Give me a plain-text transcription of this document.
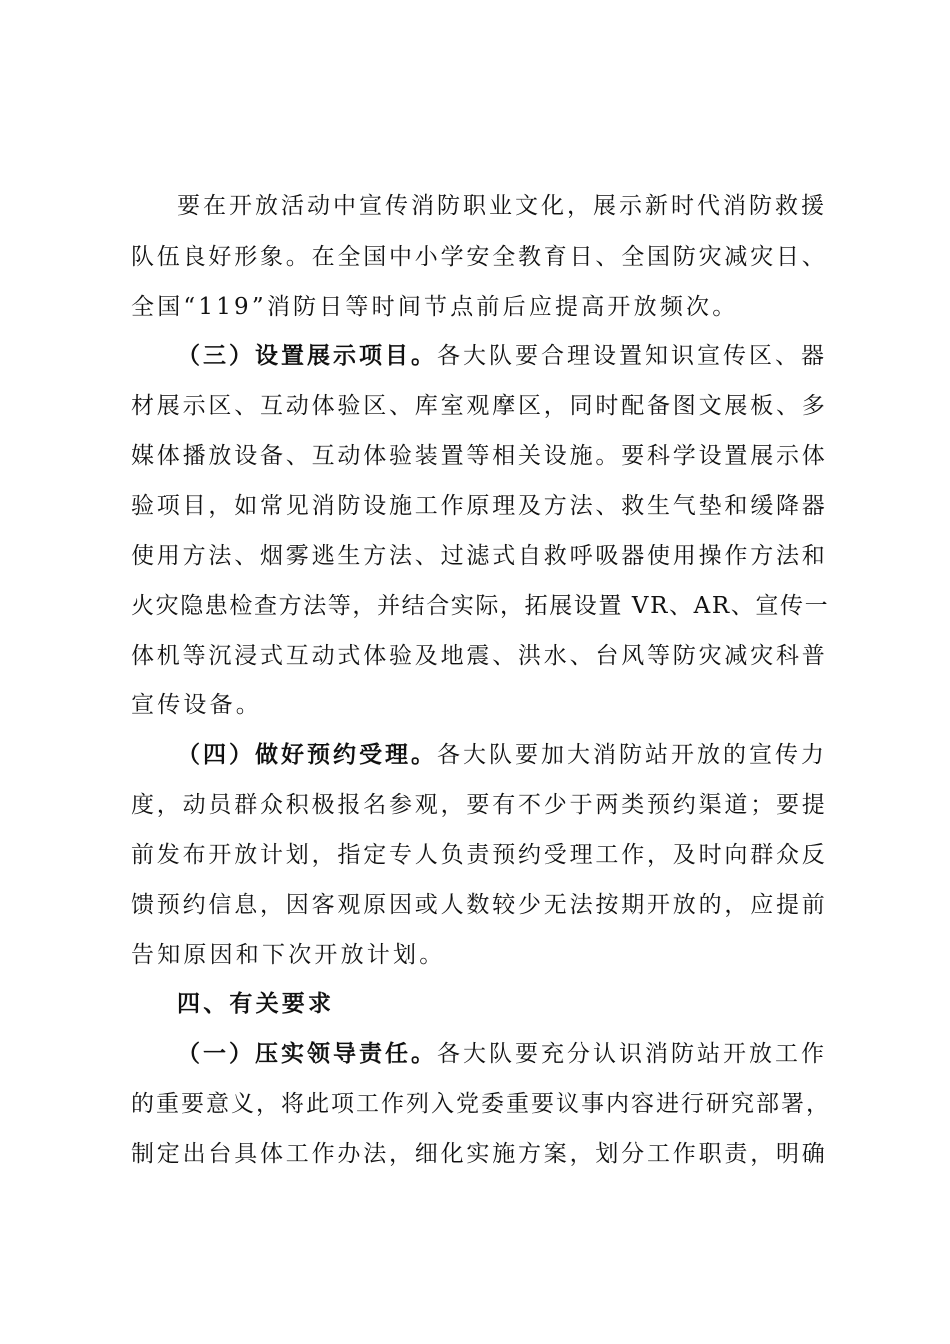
要在开放活动中宣传消防职业文化，展示新时代消防救援
队伍良好形象。在全国中小学安全教育日、全国防灾减灾日、
全国“119”消防日等时间节点前后应提高开放频次。
（三）设置展示项目。各大队要合理设置知识宣传区、器
材展示区、互动体验区、库室观摩区，同时配备图文展板、多
媒体播放设备、互动体验装置等相关设施。要科学设置展示体
验项目，如常见消防设施工作原理及方法、救生气垫和缓降器
使用方法、烟雾逃生方法、过滤式自救呼吸器使用操作方法和
火灾隐患检查方法等，并结合实际，拓展设置 VR、AR、宣传一
体机等沉浸式互动式体验及地震、洪水、台风等防灾减灾科普
宣传设备。
（四）做好预约受理。各大队要加大消防站开放的宣传力
度，动员群众积极报名参观，要有不少于两类预约渠道；要提
前发布开放计划，指定专人负责预约受理工作，及时向群众反
馈预约信息，因客观原因或人数较少无法按期开放的，应提前
告知原因和下次开放计划。
四、有关要求
（一）压实领导责任。各大队要充分认识消防站开放工作
的重要意义，将此项工作列入党委重要议事内容进行研究部署，
制定出台具体工作办法，细化实施方案，划分工作职责，明确
